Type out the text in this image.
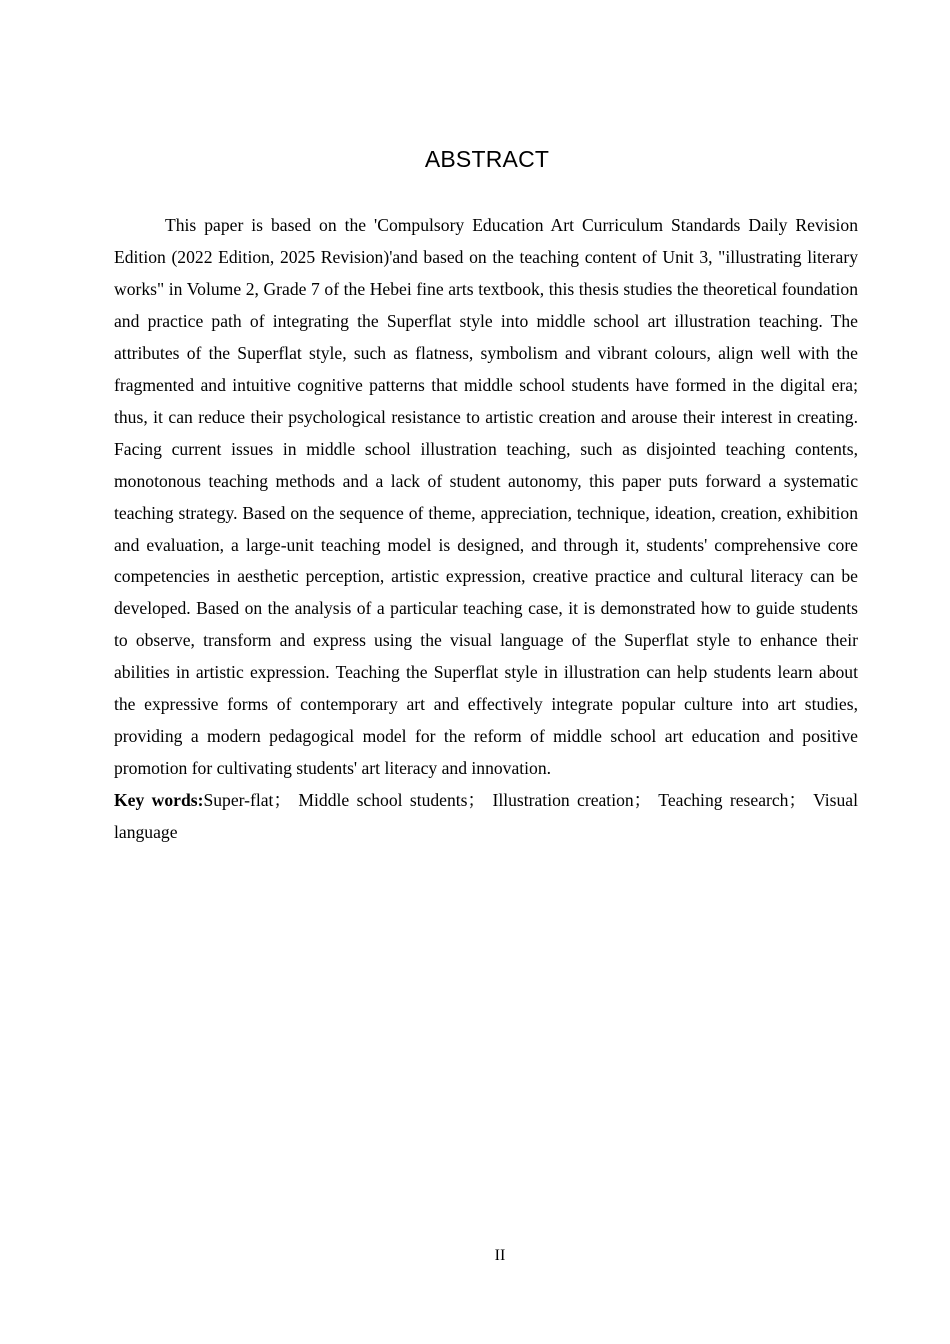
ABSTRACT

This paper is based on the 'Compulsory Education Art Curriculum Standards Daily Revision Edition (2022 Edition, 2025 Revision)'and based on the teaching content of Unit 3, "illustrating literary works" in Volume 2, Grade 7 of the Hebei fine arts textbook, this thesis studies the theoretical foundation and practice path of integrating the Superflat style into middle school art illustration teaching. The attributes of the Superflat style, such as flatness, symbolism and vibrant colours, align well with the fragmented and intuitive cognitive patterns that middle school students have formed in the digital era; thus, it can reduce their psychological resistance to artistic creation and arouse their interest in creating. Facing current issues in middle school illustration teaching, such as disjointed teaching contents, monotonous teaching methods and a lack of student autonomy, this paper puts forward a systematic teaching strategy. Based on the sequence of theme, appreciation, technique, ideation, creation, exhibition and evaluation, a large-unit teaching model is designed, and through it, students' comprehensive core competencies in aesthetic perception, artistic expression, creative practice and cultural literacy can be developed. Based on the analysis of a particular teaching case, it is demonstrated how to guide students to observe, transform and express using the visual language of the Superflat style to enhance their abilities in artistic expression. Teaching the Superflat style in illustration can help students learn about the expressive forms of contemporary art and effectively integrate popular culture into art studies, providing a modern pedagogical model for the reform of middle school art education and positive promotion for cultivating students' art literacy and innovation.

Key words:Super-flat； Middle school students； Illustration creation； Teaching research； Visual language

II
